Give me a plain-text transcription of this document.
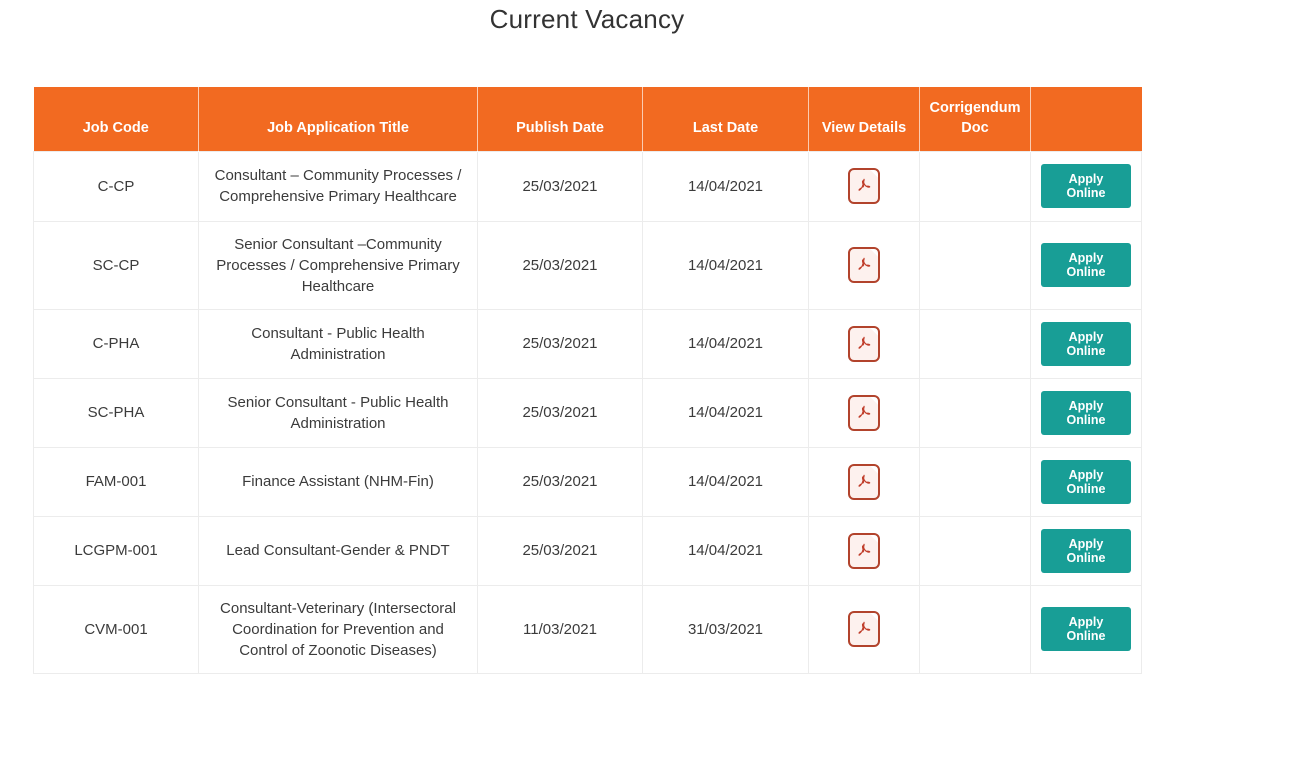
Current Vacancy
Job Code	Job Application Title	Publish Date	Last Date	View Details	Corrigendum Doc	
C-CP	Consultant – Community Processes / Comprehensive Primary Healthcare	25/03/2021	14/04/2021			Apply Online
SC-CP	Senior Consultant –Community Processes / Comprehensive Primary Healthcare	25/03/2021	14/04/2021			Apply Online
C-PHA	Consultant - Public Health Administration	25/03/2021	14/04/2021			Apply Online
SC-PHA	Senior Consultant - Public Health Administration	25/03/2021	14/04/2021			Apply Online
FAM-001	Finance Assistant (NHM-Fin)	25/03/2021	14/04/2021			Apply Online
LCGPM-001	Lead Consultant-Gender & PNDT	25/03/2021	14/04/2021			Apply Online
CVM-001	Consultant-Veterinary (Intersectoral Coordination for Prevention and Control of Zoonotic Diseases)	11/03/2021	31/03/2021			Apply Online
